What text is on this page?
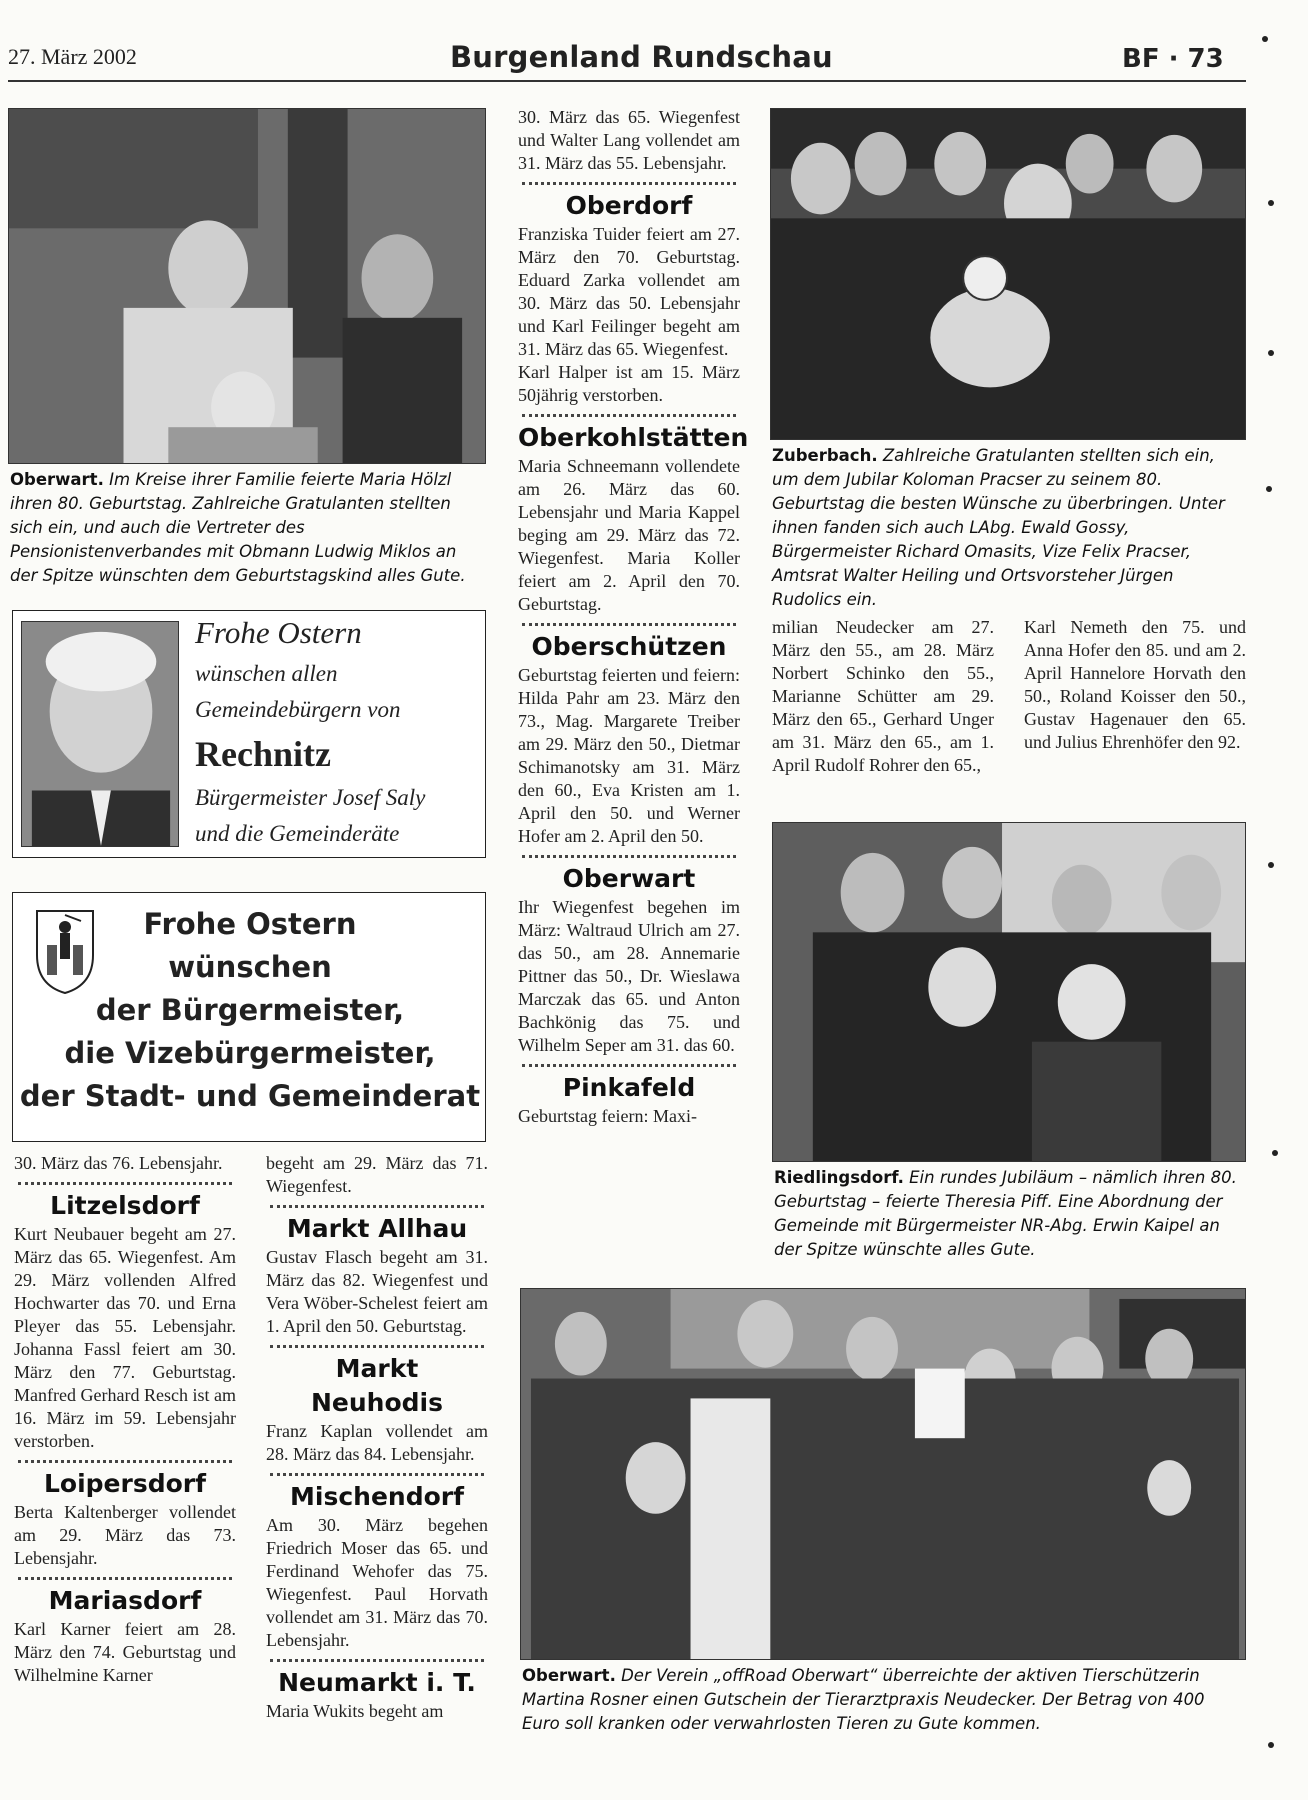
27. März 2002	Burgenland Rundschau	BF · 73
Oberwart. Im Kreise ihrer Familie feierte Maria Hölzl ihren 80. Geburtstag. Zahlreiche Gratulanten stellten sich ein, und auch die Vertreter des Pensionistenverbandes mit Obmann Ludwig Miklos an der Spitze wünschten dem Geburtstagskind alles Gute.
Frohe Ostern
wünschen allen
Gemeindebürgern von
Rechnitz
Bürgermeister Josef Saly
und die Gemeinderäte
Frohe Ostern
wünschen
der Bürgermeister,
die Vizebürgermeister,
der Stadt- und Gemeinderat

30. März das 76. Lebensjahr.

Litzelsdorf

Kurt Neubauer begeht am 27. März das 65. Wiegenfest. Am 29. März vollenden Alfred Hochwarter das 70. und Erna Pleyer das 55. Lebensjahr. Johanna Fassl feiert am 30. März den 77. Geburtstag. Manfred Gerhard Resch ist am 16. März im 59. Lebensjahr verstorben.

Loipersdorf

Berta Kaltenberger vollendet am 29. März das 73. Lebensjahr.

Mariasdorf

Karl Karner feiert am 28. März den 74. Geburtstag und Wilhelmine Karner

begeht am 29. März das 71. Wiegenfest.

Markt Allhau

Gustav Flasch begeht am 31. März das 82. Wiegenfest und Vera Wöber-Schelest feiert am 1. April den 50. Geburtstag.

Markt Neuhodis

Franz Kaplan vollendet am 28. März das 84. Lebensjahr.

Mischendorf

Am 30. März begehen Friedrich Moser das 65. und Ferdinand Wehofer das 75. Wiegenfest. Paul Horvath vollendet am 31. März das 70. Lebensjahr.

Neumarkt i. T.

Maria Wukits begeht am

30. März das 65. Wiegenfest und Walter Lang vollendet am 31. März das 55. Lebensjahr.

Oberdorf

Franziska Tuider feiert am 27. März den 70. Geburtstag. Eduard Zarka vollendet am 30. März das 50. Lebensjahr und Karl Feilinger begeht am 31. März das 65. Wiegenfest.

Karl Halper ist am 15. März 50jährig verstorben.

Oberkohlstätten

Maria Schneemann vollendete am 26. März das 60. Lebensjahr und Maria Kappel beging am 29. März das 72. Wiegenfest. Maria Koller feiert am 2. April den 70. Geburtstag.

Oberschützen

Geburtstag feierten und feiern: Hilda Pahr am 23. März den 73., Mag. Margarete Treiber am 29. März den 50., Dietmar Schimanotsky am 31. März den 60., Eva Kristen am 1. April den 50. und Werner Hofer am 2. April den 50.

Oberwart

Ihr Wiegenfest begehen im März: Waltraud Ulrich am 27. das 50., am 28. Annemarie Pittner das 50., Dr. Wieslawa Marczak das 65. und Anton Bachkönig das 75. und Wilhelm Seper am 31. das 60.

Pinkafeld

Geburtstag feiern: Maxi-

Zuberbach. Zahlreiche Gratulanten stellten sich ein, um dem Jubilar Koloman Pracser zu seinem 80. Geburtstag die besten Wünsche zu überbringen. Unter ihnen fanden sich auch LAbg. Ewald Gossy, Bürgermeister Richard Omasits, Vize Felix Pracser, Amtsrat Walter Heiling und Ortsvorsteher Jürgen Rudolics ein.

milian Neudecker am 27. März den 55., am 28. März Norbert Schinko den 55., Marianne Schütter am 29. März den 65., Gerhard Unger am 31. März den 65., am 1. April Rudolf Rohrer den 65.,

Karl Nemeth den 75. und Anna Hofer den 85. und am 2. April Hannelore Horvath den 50., Roland Koisser den 50., Gustav Hagenauer den 65. und Julius Ehrenhöfer den 92.

Riedlingsdorf. Ein rundes Jubiläum – nämlich ihren 80. Geburtstag – feierte Theresia Piff. Eine Abordnung der Gemeinde mit Bürgermeister NR-Abg. Erwin Kaipel an der Spitze wünschte alles Gute.
Oberwart. Der Verein „offRoad Oberwart“ überreichte der aktiven Tierschützerin Martina Rosner einen Gutschein der Tierarztpraxis Neudecker. Der Betrag von 400 Euro soll kranken oder verwahrlosten Tieren zu Gute kommen.
